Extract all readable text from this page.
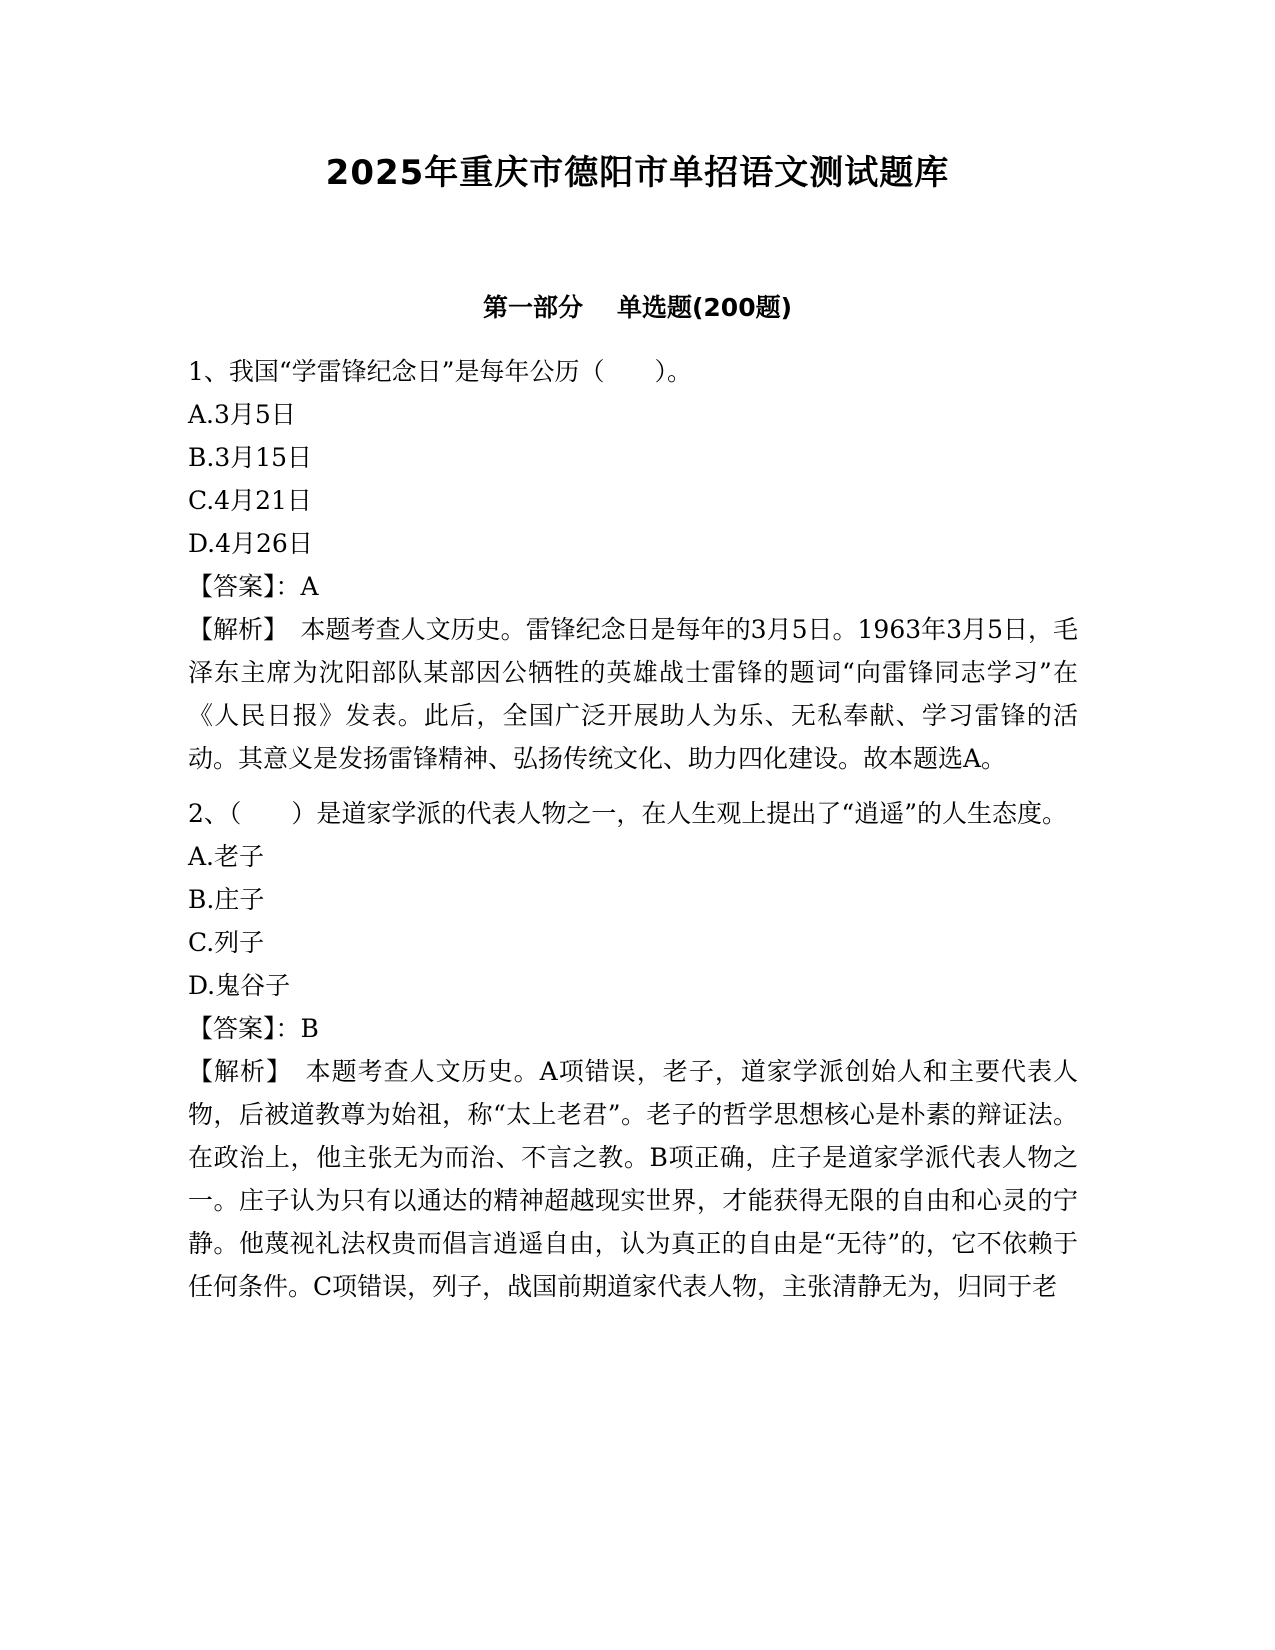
2025年重庆市德阳市单招语文测试题库
第一部分 单选题(200题)
1、我国“学雷锋纪念日”是每年公历（　　）。
A.3月5日
B.3月15日
C.4月21日
D.4月26日
【答案】：A
【解析】　本题考查人文历史。雷锋纪念日是每年的3月5日。1963年3月5日，毛泽东主席为沈阳部队某部因公牺牲的英雄战士雷锋的题词“向雷锋同志学习”在《人民日报》发表。此后，全国广泛开展助人为乐、无私奉献、学习雷锋的活动。其意义是发扬雷锋精神、弘扬传统文化、助力四化建设。故本题选A。
2、（　　）是道家学派的代表人物之一，在人生观上提出了“逍遥”的人生态度。
A.老子
B.庄子
C.列子
D.鬼谷子
【答案】：B
【解析】　本题考查人文历史。A项错误，老子，道家学派创始人和主要代表人物，后被道教尊为始祖，称“太上老君”。老子的哲学思想核心是朴素的辩证法。在政治上，他主张无为而治、不言之教。B项正确，庄子是道家学派代表人物之一。庄子认为只有以通达的精神超越现实世界，才能获得无限的自由和心灵的宁静。他蔑视礼法权贵而倡言逍遥自由，认为真正的自由是“无待”的，它不依赖于任何条件。C项错误，列子，战国前期道家代表人物，主张清静无为，归同于老
